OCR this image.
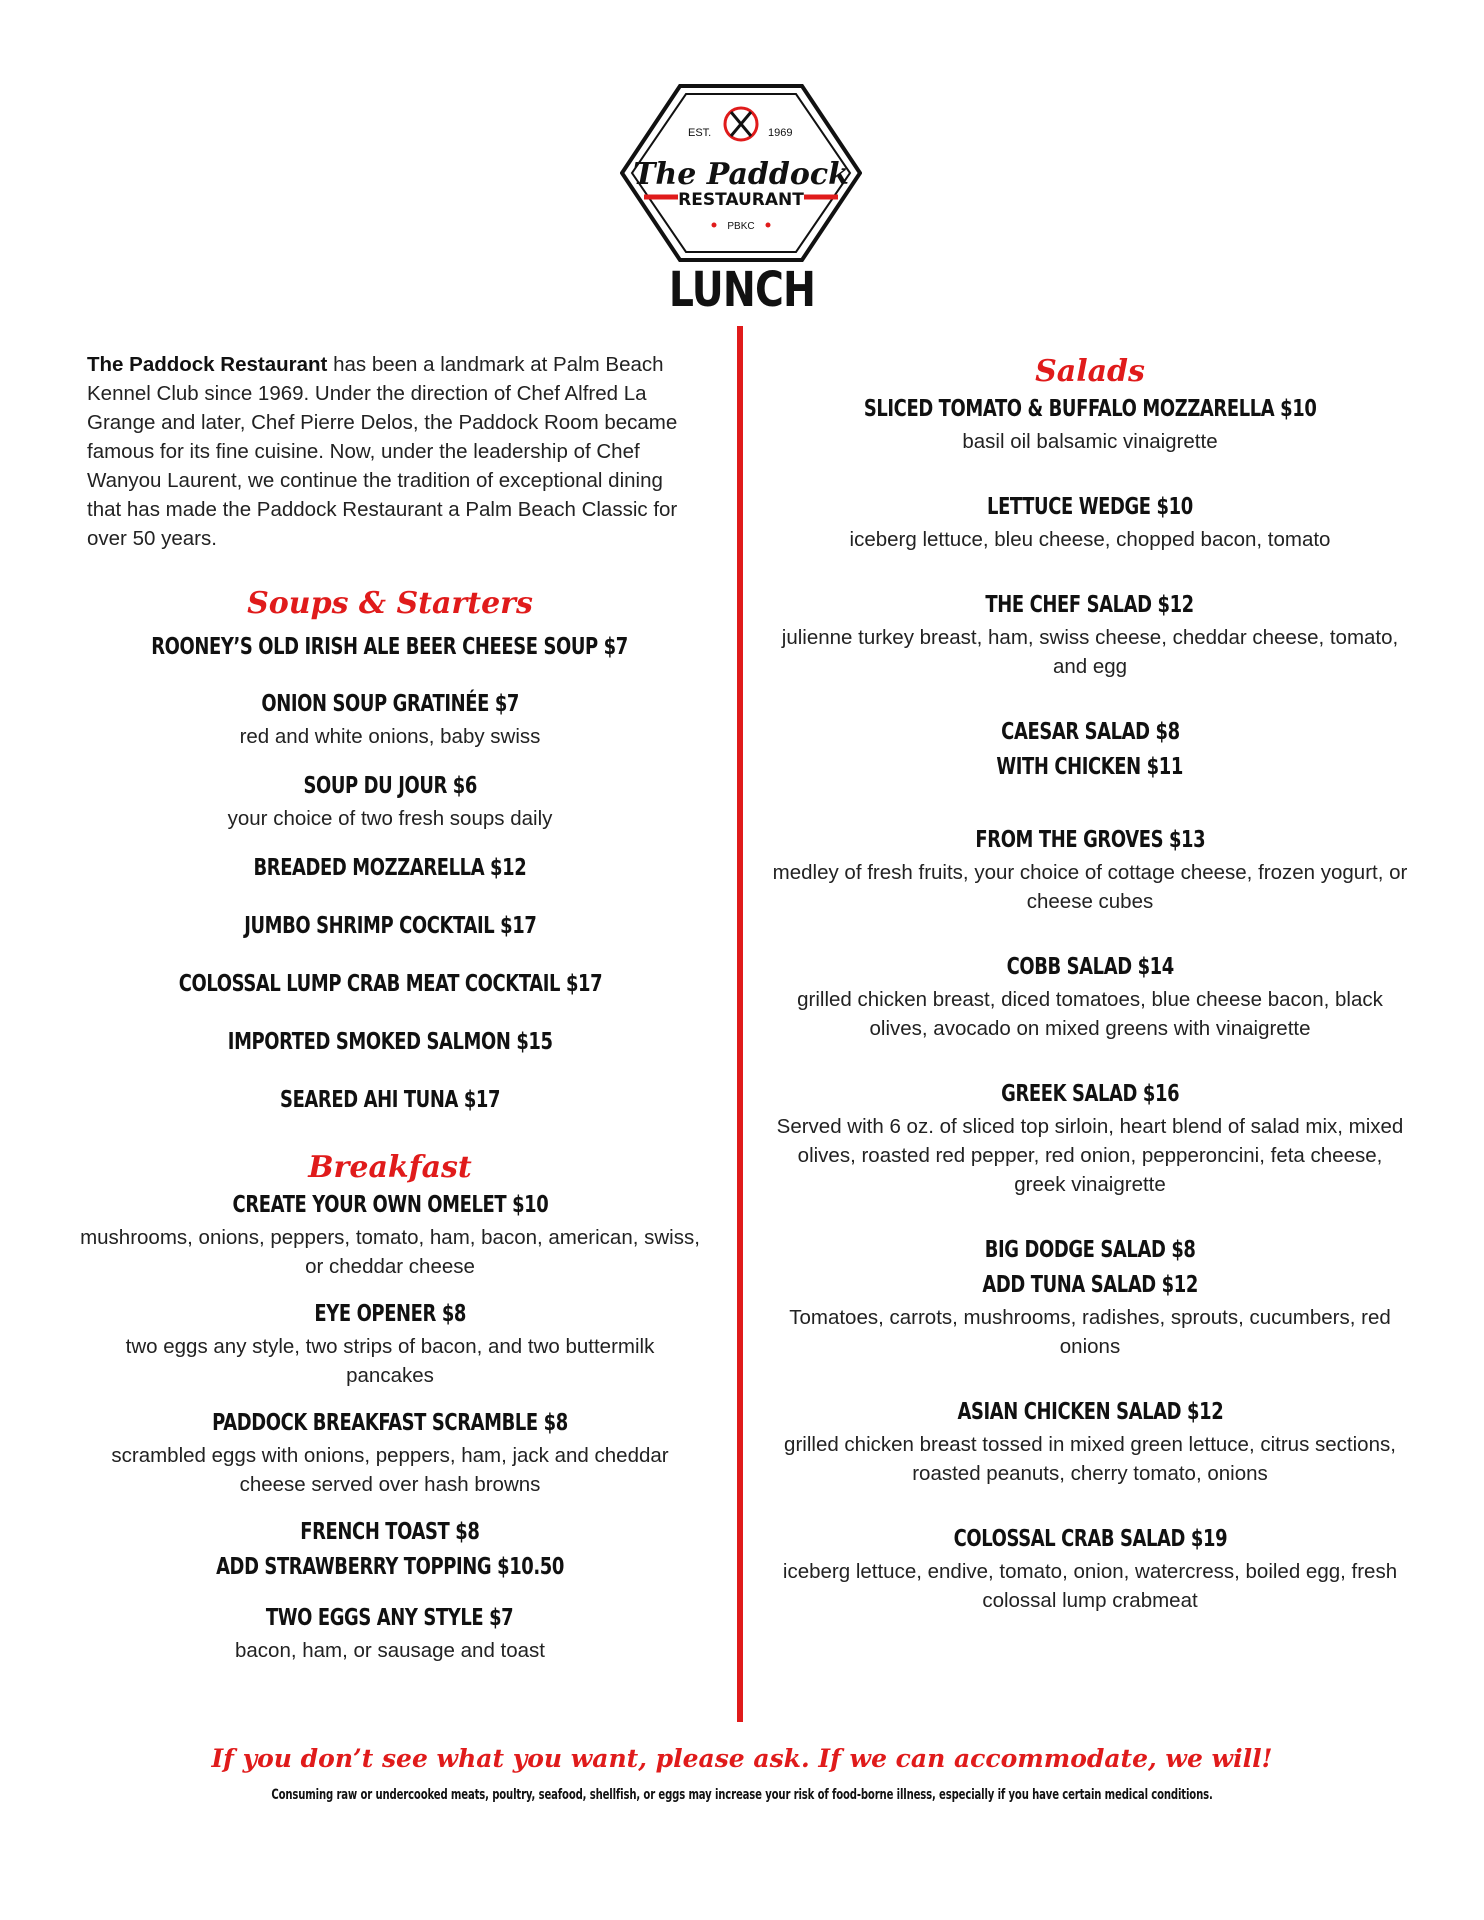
EST.	1969
The Paddock
RESTAURANT
PBKC
LUNCH
The Paddock Restaurant has been a landmark at Palm Beach Kennel Club since 1969. Under the direction of Chef Alfred La Grange and later, Chef Pierre Delos, the Paddock Room became famous for its fine cuisine. Now, under the leadership of Chef Wanyou Laurent, we continue the tradition of exceptional dining that has made the Paddock Restaurant a Palm Beach Classic for over 50 years.
Soups & Starters
ROONEY’S OLD IRISH ALE BEER CHEESE SOUP $7
ONION SOUP GRATINÉE $7
red and white onions, baby swiss
SOUP DU JOUR $6
your choice of two fresh soups daily
BREADED MOZZARELLA $12
JUMBO SHRIMP COCKTAIL $17
COLOSSAL LUMP CRAB MEAT COCKTAIL $17
IMPORTED SMOKED SALMON $15
SEARED AHI TUNA $17
Breakfast
CREATE YOUR OWN OMELET $10
mushrooms, onions, peppers, tomato, ham, bacon, american, swiss, or cheddar cheese
EYE OPENER $8
two eggs any style, two strips of bacon, and two buttermilk pancakes
PADDOCK BREAKFAST SCRAMBLE $8
scrambled eggs with onions, peppers, ham, jack and cheddar cheese served over hash browns
FRENCH TOAST $8
ADD STRAWBERRY TOPPING $10.50
TWO EGGS ANY STYLE $7
bacon, ham, or sausage and toast
Salads
SLICED TOMATO & BUFFALO MOZZARELLA $10
basil oil balsamic vinaigrette
LETTUCE WEDGE $10
iceberg lettuce, bleu cheese, chopped bacon, tomato
THE CHEF SALAD $12
julienne turkey breast, ham, swiss cheese, cheddar cheese, tomato, and egg
CAESAR SALAD $8
WITH CHICKEN $11
FROM THE GROVES $13
medley of fresh fruits, your choice of cottage cheese, frozen yogurt, or cheese cubes
COBB SALAD $14
grilled chicken breast, diced tomatoes, blue cheese bacon, black olives, avocado on mixed greens with vinaigrette
GREEK SALAD $16
Served with 6 oz. of sliced top sirloin, heart blend of salad mix, mixed olives, roasted red pepper, red onion, pepperoncini, feta cheese, greek vinaigrette
BIG DODGE SALAD $8
ADD TUNA SALAD $12
Tomatoes, carrots, mushrooms, radishes, sprouts, cucumbers, red onions
ASIAN CHICKEN SALAD $12
grilled chicken breast tossed in mixed green lettuce, citrus sections, roasted peanuts, cherry tomato, onions
COLOSSAL CRAB SALAD $19
iceberg lettuce, endive, tomato, onion, watercress, boiled egg, fresh colossal lump crabmeat
If you don’t see what you want, please ask. If we can accommodate, we will!
Consuming raw or undercooked meats, poultry, seafood, shellfish, or eggs may increase your risk of food-borne illness, especially if you have certain medical conditions.
